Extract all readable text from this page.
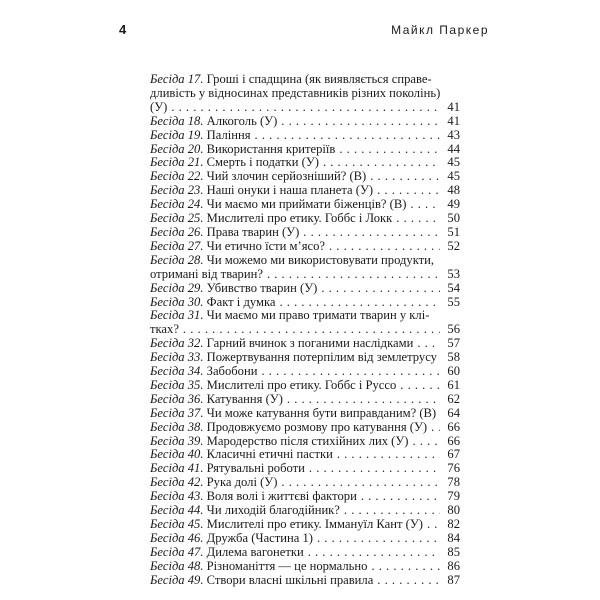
4	Майкл Паркер
Бесіда 17. Гроші і спадщина (як виявляється справе-
дливість у відносинах представників різних поколінь)
(У) . . .	41
Бесіда 18. Алкоголь (У) . . .	41
Бесіда 19. Паління . . .	43
Бесіда 20. Використання критеріїв . . .	44
Бесіда 21. Смерть і податки (У) . . .	45
Бесіда 22. Чий злочин серйозніший? (В) . . .	45
Бесіда 23. Наші онуки і наша планета (У) . . .	48
Бесіда 24. Чи маємо ми приймати біженців? (В) . . .	49
Бесіда 25. Мислителі про етику. Гоббс і Локк . . .	50
Бесіда 26. Права тварин (У) . . .	51
Бесіда 27. Чи етично їсти м’ясо? . . .	52
Бесіда 28. Чи можемо ми використовувати продукти,
отримані від тварин? . . .	53
Бесіда 29. Убивство тварин (У) . . .	54
Бесіда 30. Факт і думка . . .	55
Бесіда 31. Чи маємо ми право тримати тварин у клі-
тках? . . .	56
Бесіда 32. Гарний вчинок з поганими наслідками . . .	57
Бесіда 33. Пожертвування потерпілим від землетрусу . . . 58
Бесіда 34. Забобони . . .	60
Бесіда 35. Мислителі про етику. Гоббс і Руссо . . .	61
Бесіда 36. Катування (У) . . .	62
Бесіда 37. Чи може катування бути виправданим? (В) . . . 64
Бесіда 38. Продовжуємо розмову про катування (У) . . .	66
Бесіда 39. Мародерство після стихійних лих (У) . . .	66
Бесіда 40. Класичні етичні пастки . . .	67
Бесіда 41. Рятувальні роботи . . .	76
Бесіда 42. Рука долі (У) . . .	78
Бесіда 43. Воля волі і життєві фактори . . .	79
Бесіда 44. Чи лиходій благодійник? . . .	80
Бесіда 45. Мислителі про етику. Іммануїл Кант (У) . . .	82
Бесіда 46. Дружба (Частина 1) . . .	84
Бесіда 47. Дилема вагонетки . . .	85
Бесіда 48. Різноманіття — це нормально . . .	86
Бесіда 49. Створи власні шкільні правила . . .	87
